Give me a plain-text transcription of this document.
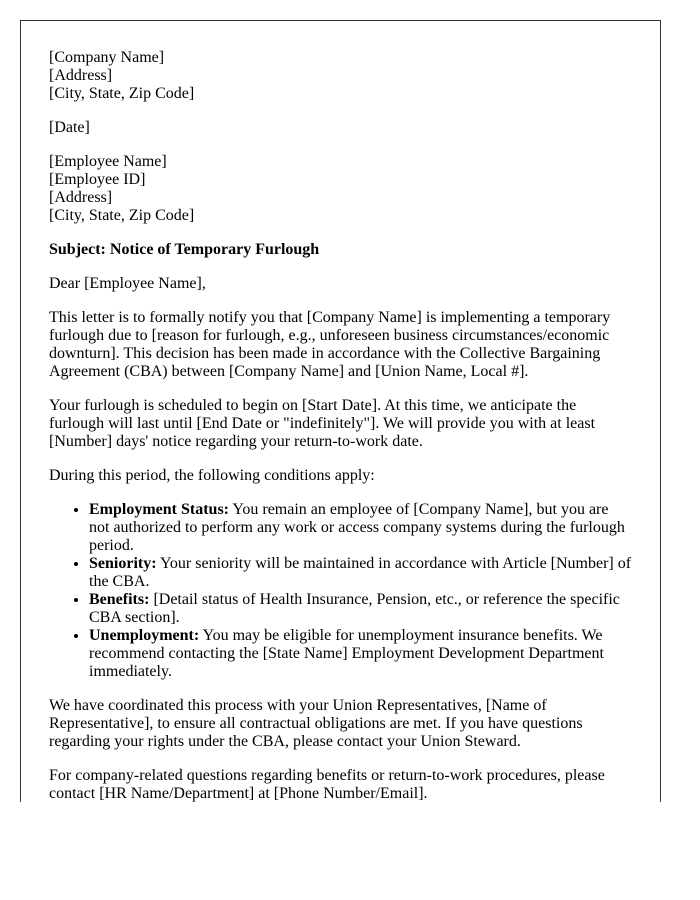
[Company Name]
[Address]
[City, State, Zip Code]

[Date]

[Employee Name]
[Employee ID]
[Address]
[City, State, Zip Code]

Subject: Notice of Temporary Furlough

Dear [Employee Name],

This letter is to formally notify you that [Company Name] is implementing a temporary furlough due to [reason for furlough, e.g., unforeseen business circumstances/economic downturn]. This decision has been made in accordance with the Collective Bargaining Agreement (CBA) between [Company Name] and [Union Name, Local #].

Your furlough is scheduled to begin on [Start Date]. At this time, we anticipate the furlough will last until [End Date or "indefinitely"]. We will provide you with at least [Number] days' notice regarding your return-to-work date.

During this period, the following conditions apply:

• Employment Status: You remain an employee of [Company Name], but you are not authorized to perform any work or access company systems during the furlough period.
• Seniority: Your seniority will be maintained in accordance with Article [Number] of the CBA.
• Benefits: [Detail status of Health Insurance, Pension, etc., or reference the specific CBA section].
• Unemployment: You may be eligible for unemployment insurance benefits. We recommend contacting the [State Name] Employment Development Department immediately.

We have coordinated this process with your Union Representatives, [Name of Representative], to ensure all contractual obligations are met. If you have questions regarding your rights under the CBA, please contact your Union Steward.

For company-related questions regarding benefits or return-to-work procedures, please contact [HR Name/Department] at [Phone Number/Email].
